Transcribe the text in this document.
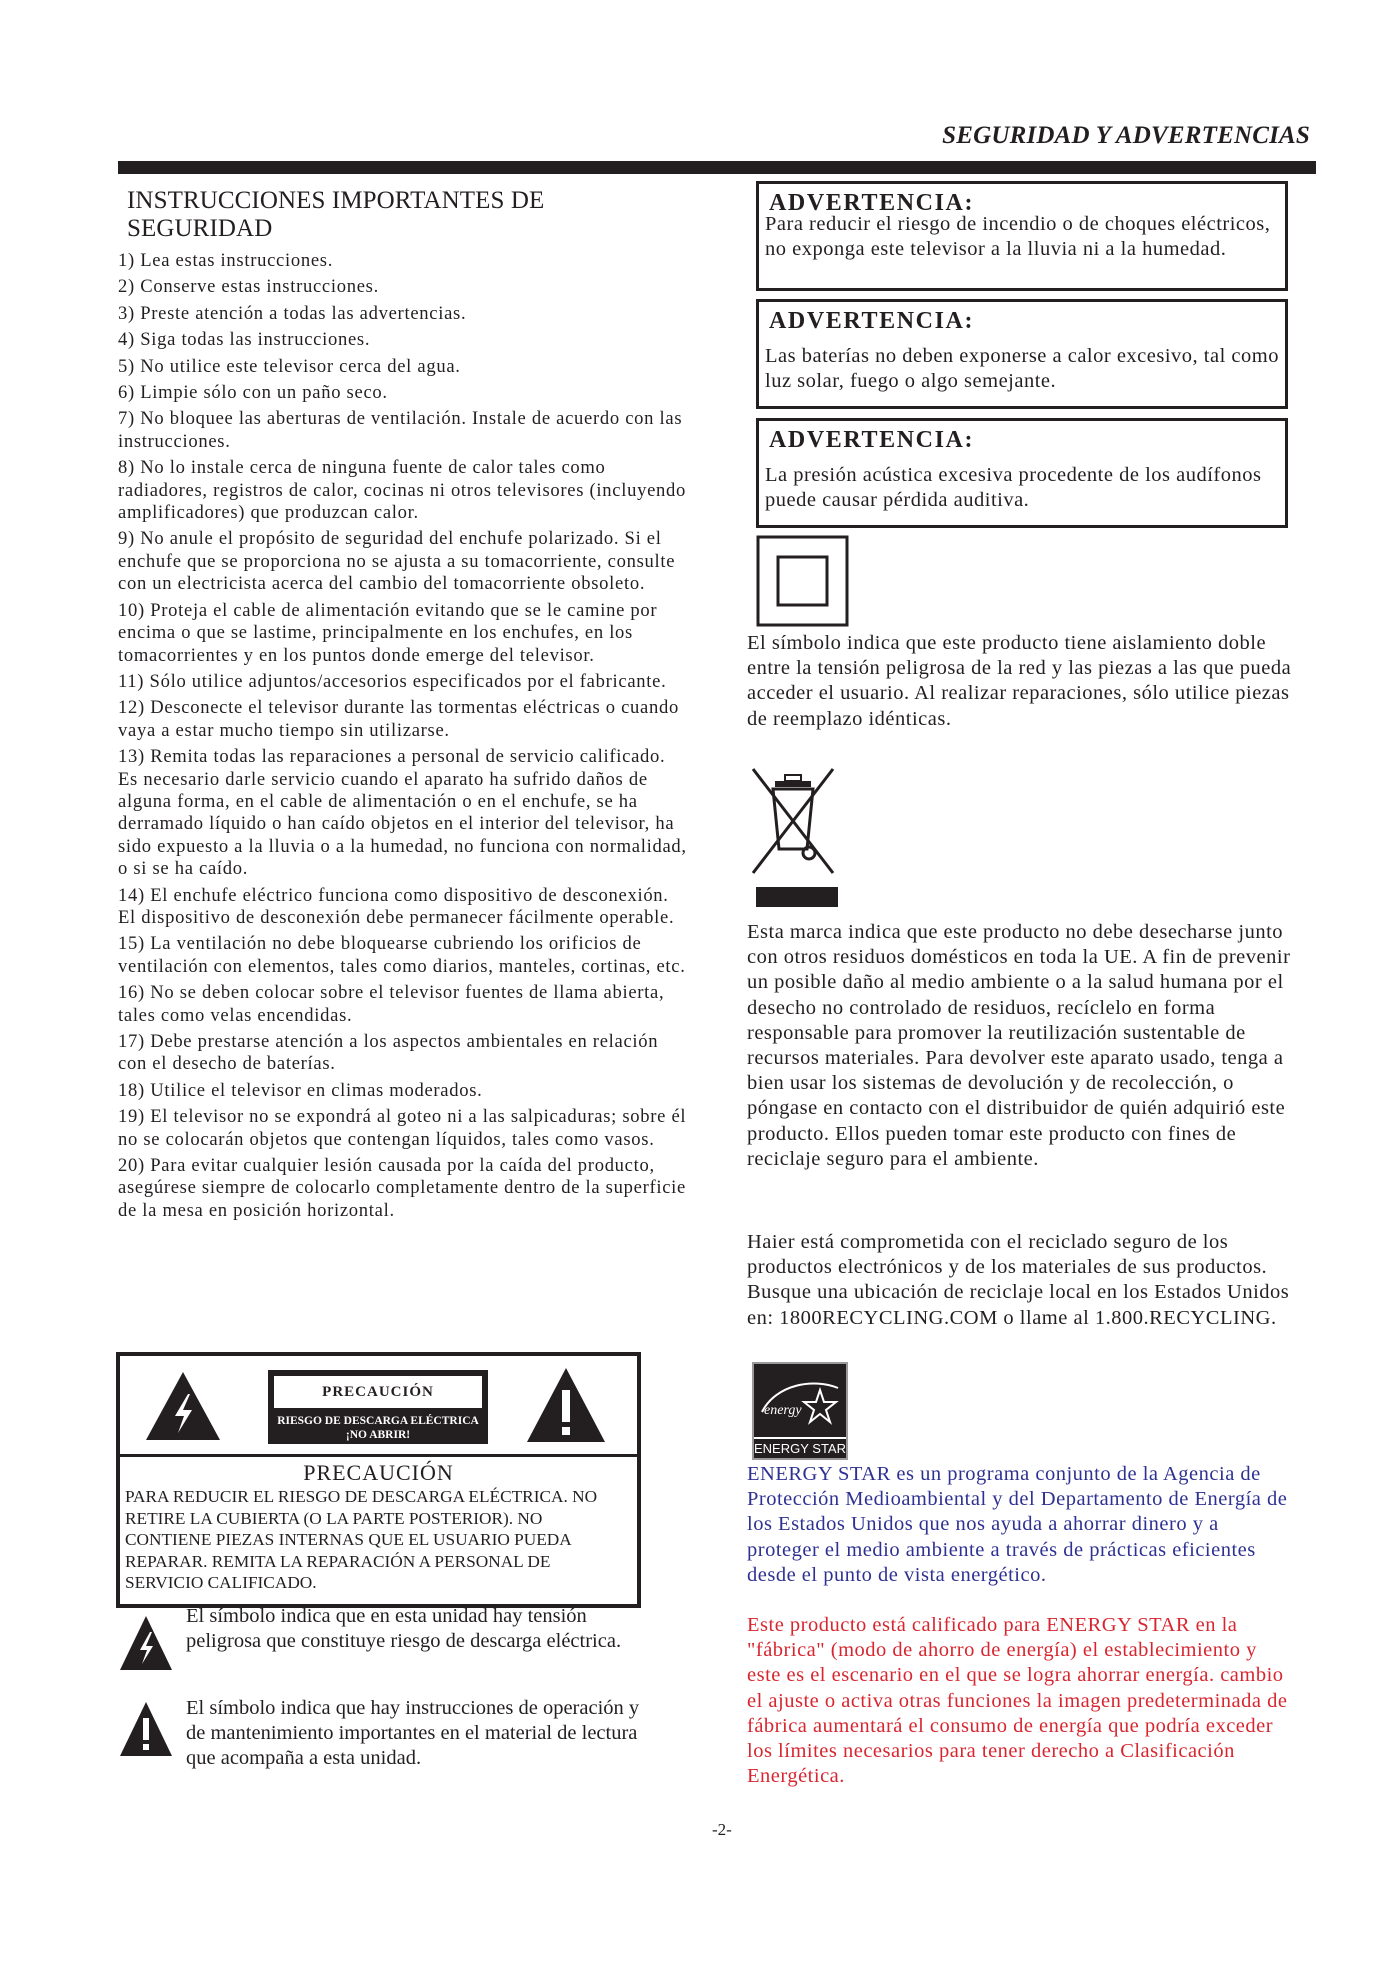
SEGURIDAD Y ADVERTENCIAS
INSTRUCCIONES IMPORTANTES DE SEGURIDAD
1) Lea estas instrucciones.
2) Conserve estas instrucciones.
3) Preste atención a todas las advertencias.
4) Siga todas las instrucciones.
5) No utilice este televisor cerca del agua.
6) Limpie sólo con un paño seco.
7) No bloquee las aberturas de ventilación. Instale de acuerdo con las instrucciones.
8) No lo instale cerca de ninguna fuente de calor tales como radiadores, registros de calor, cocinas ni otros televisores (incluyendo amplificadores) que produzcan calor.
9) No anule el propósito de seguridad del enchufe polarizado. Si el enchufe que se proporciona no se ajusta a su tomacorriente, consulte con un electricista acerca del cambio del tomacorriente obsoleto.
10) Proteja el cable de alimentación evitando que se le camine por encima o que se lastime, principalmente en los enchufes, en los tomacorrientes y en los puntos donde emerge del televisor.
11) Sólo utilice adjuntos/accesorios especificados por el fabricante.
12) Desconecte el televisor durante las tormentas eléctricas o cuando vaya a estar mucho tiempo sin utilizarse.
13) Remita todas las reparaciones a personal de servicio calificado. Es necesario darle servicio cuando el aparato ha sufrido daños de alguna forma, en el cable de alimentación o en el enchufe, se ha derramado líquido o han caído objetos en el interior del televisor, ha sido expuesto a la lluvia o a la humedad, no funciona con normalidad, o si se ha caído.
14) El enchufe eléctrico funciona como dispositivo de desconexión. El dispositivo de desconexión debe permanecer fácilmente operable.
15) La ventilación no debe bloquearse cubriendo los orificios de ventilación con elementos, tales como diarios, manteles, cortinas, etc.
16) No se deben colocar sobre el televisor fuentes de llama abierta, tales como velas encendidas.
17) Debe prestarse atención a los aspectos ambientales en relación con el desecho de baterías.
18) Utilice el televisor en climas moderados.
19) El televisor no se expondrá al goteo ni a las salpicaduras; sobre él no se colocarán objetos que contengan líquidos, tales como vasos.
20) Para evitar cualquier lesión causada por la caída del producto, asegúrese siempre de colocarlo completamente dentro de la superficie de la mesa en posición horizontal.
PRECAUCIÓN
RIESGO DE DESCARGA ELÉCTRICA
¡NO ABRIR!
PRECAUCIÓN
PARA REDUCIR EL RIESGO DE DESCARGA ELÉCTRICA. NO RETIRE LA CUBIERTA (O LA PARTE POSTERIOR). NO CONTIENE PIEZAS INTERNAS QUE EL USUARIO PUEDA REPARAR. REMITA LA REPARACIÓN A PERSONAL DE SERVICIO CALIFICADO.
El símbolo indica que en esta unidad hay tensión peligrosa que constituye riesgo de descarga eléctrica.
El símbolo indica que hay instrucciones de operación y de mantenimiento importantes en el material de lectura que acompaña a esta unidad.
ADVERTENCIA:
Para reducir el riesgo de incendio o de choques eléctricos, no exponga este televisor a la lluvia ni a la humedad.
ADVERTENCIA:
Las baterías no deben exponerse a calor excesivo, tal como luz solar, fuego o algo semejante.
ADVERTENCIA:
La presión acústica excesiva procedente de los audífonos puede causar pérdida auditiva.
El símbolo indica que este producto tiene aislamiento doble entre la tensión peligrosa de la red y las piezas a las que pueda acceder el usuario. Al realizar reparaciones, sólo utilice piezas de reemplazo idénticas.
Esta marca indica que este producto no debe desecharse junto con otros residuos domésticos en toda la UE. A fin de prevenir un posible daño al medio ambiente o a la salud humana por el desecho no controlado de residuos, recíclelo en forma responsable para promover la reutilización sustentable de recursos materiales. Para devolver este aparato usado, tenga a bien usar los sistemas de devolución y de recolección, o póngase en contacto con el distribuidor de quién adquirió este producto. Ellos pueden tomar este producto con fines de reciclaje seguro para el ambiente.
Haier está comprometida con el reciclado seguro de los productos electrónicos y de los materiales de sus productos. Busque una ubicación de reciclaje local en los Estados Unidos en: 1800RECYCLING.COM o llame al 1.800.RECYCLING.
energy
ENERGY STAR
ENERGY STAR es un programa conjunto de la Agencia de Protección Medioambiental y del Departamento de Energía de los Estados Unidos que nos ayuda a ahorrar dinero y a proteger el medio ambiente a través de prácticas eficientes desde el punto de vista energético.
Este producto está calificado para ENERGY STAR en la "fábrica" (modo de ahorro de energía) el establecimiento y este es el escenario en el que se logra ahorrar energía. cambio el ajuste o activa otras funciones la imagen predeterminada de fábrica aumentará el consumo de energía que podría exceder los límites necesarios para tener derecho a Clasificación Energética.
-2-
